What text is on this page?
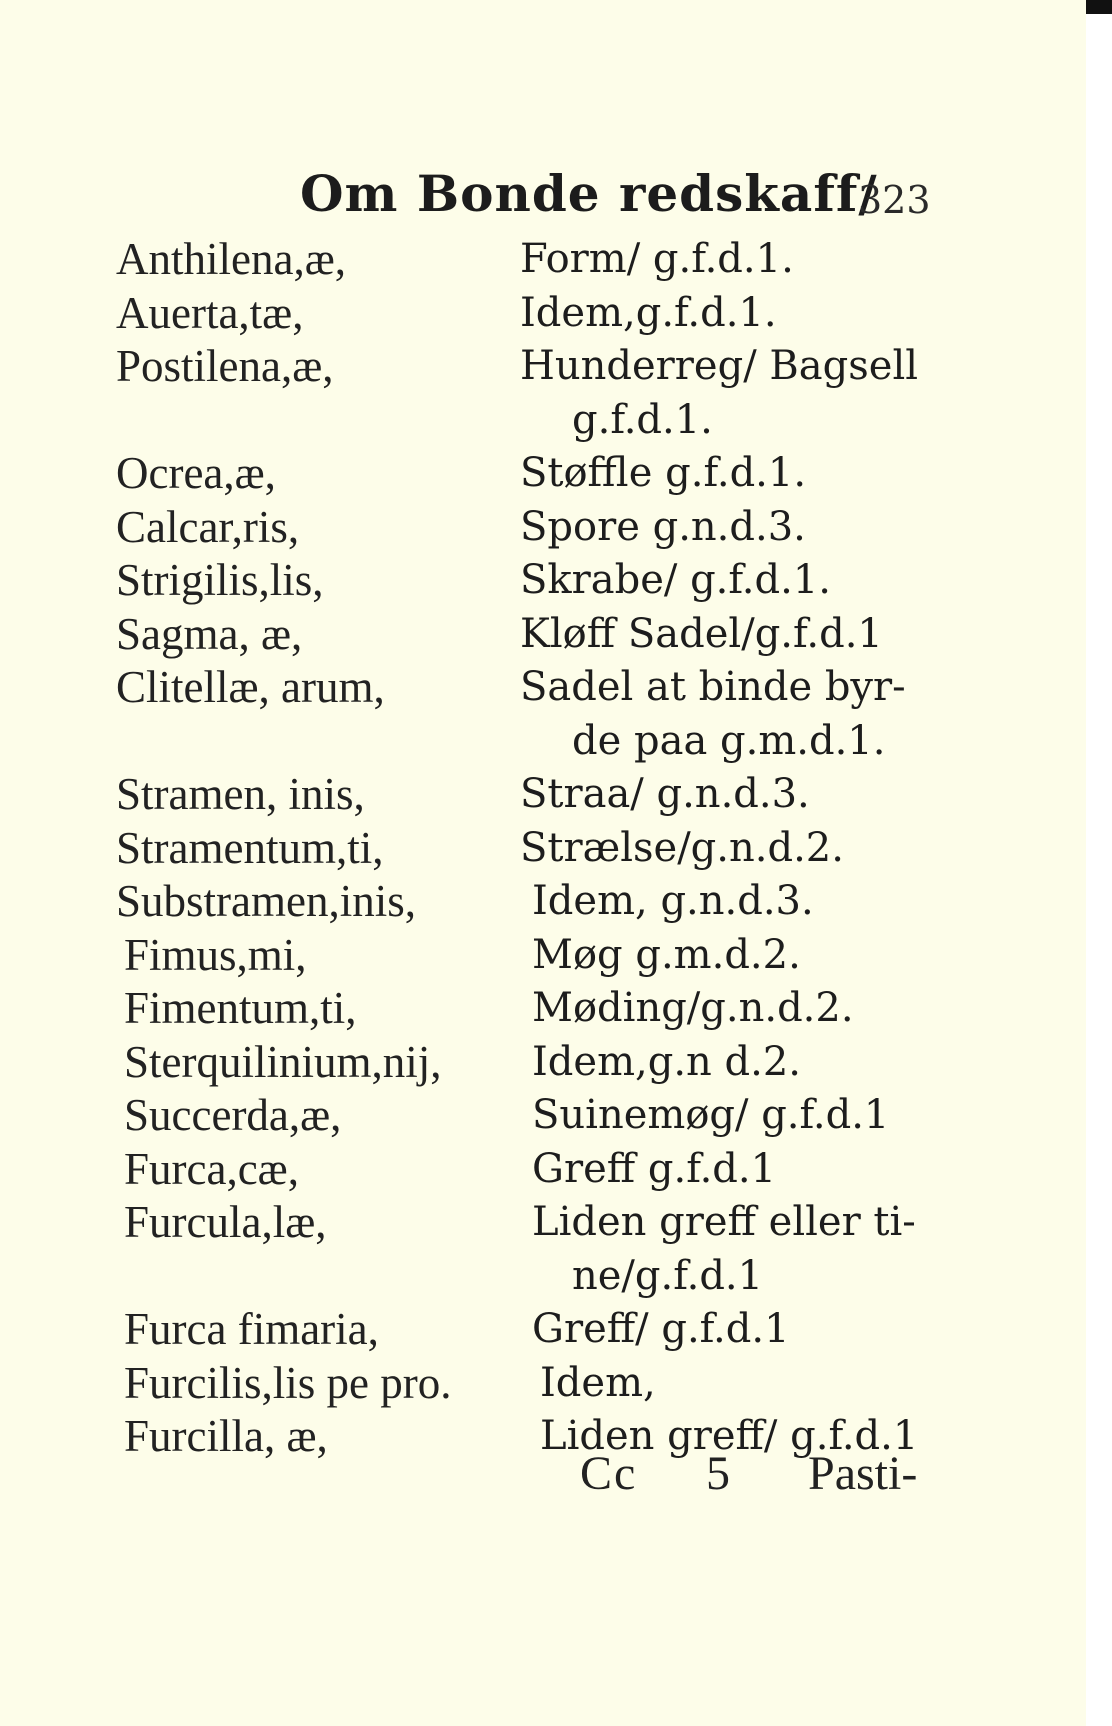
Om Bonde redskaff/
323
Anthilena,æ,	Form/ g.f.d.1.
Auerta,tæ,	Idem,g.f.d.1.
Postilena,æ,	Hunderreg/ Bagsell
g.f.d.1.
Ocrea,æ,	Støffle g.f.d.1.
Calcar,ris,	Spore g.n.d.3.
Strigilis,lis,	Skrabe/ g.f.d.1.
Sagma, æ,	Kløff Sadel/g.f.d.1
Clitellæ, arum,	Sadel at binde byr-
de paa g.m.d.1.
Stramen, inis,	Straa/ g.n.d.3.
Stramentum,ti,	Strælse/g.n.d.2.
Substramen,inis,	Idem, g.n.d.3.
Fimus,mi,	Møg g.m.d.2.
Fimentum,ti,	Møding/g.n.d.2.
Sterquilinium,nij, Idem,g.n d.2.
Succerda,æ,	Suinemøg/ g.f.d.1
Furca,cæ,	Greff g.f.d.1
Furcula,læ,	Liden greff eller ti-
ne/g.f.d.1
Furca fimaria,	Greff/ g.f.d.1
Furcilis,lis pe pro. Idem,
Furcilla, æ,	Liden greff/ g.f.d.1
Cc 5 Pasti-
